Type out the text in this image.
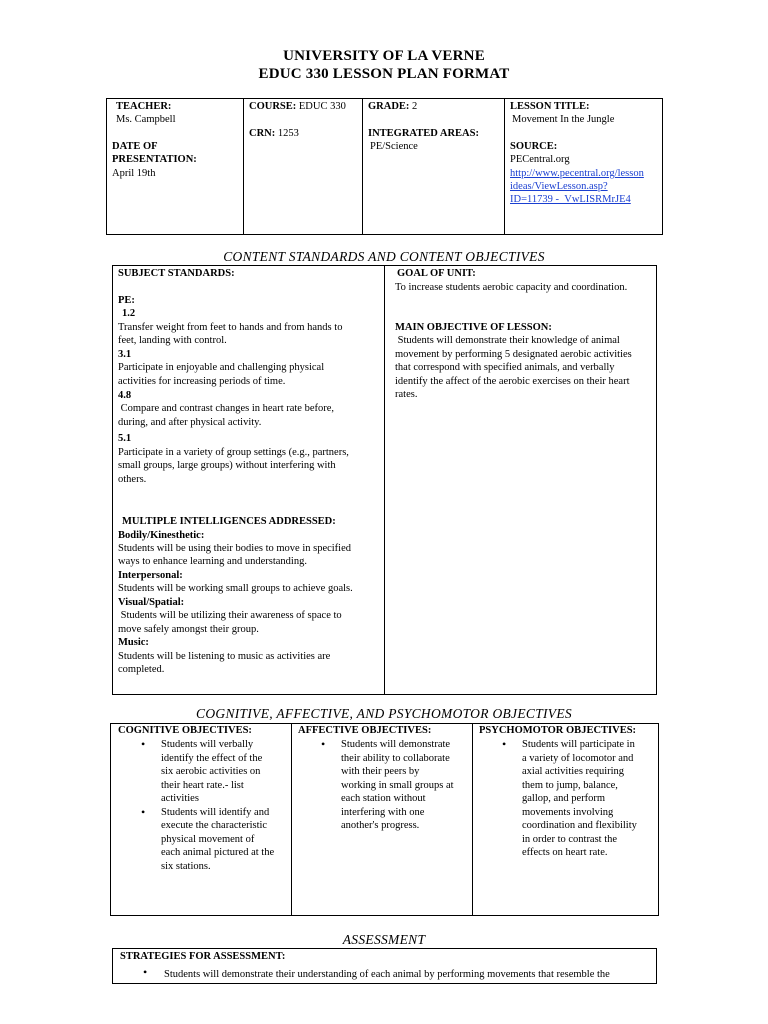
UNIVERSITY OF LA VERNE
EDUC 330 LESSON PLAN FORMAT
TEACHER:
Ms. Campbell
DATE OF
PRESENTATION:
April 19th
COURSE: EDUC 330
CRN: 1253
GRADE: 2
INTEGRATED AREAS:
PE/Science
LESSON TITLE:
Movement In the Jungle
SOURCE:
PECentral.org
http://www.pecentral.org/lesson
ideas/ViewLesson.asp?
ID=11739 -_VwLISRMrJE4
CONTENT STANDARDS AND CONTENT OBJECTIVES
SUBJECT STANDARDS:
PE:
1.2
Transfer weight from feet to hands and from hands to
feet, landing with control.
3.1
Participate in enjoyable and challenging physical
activities for increasing periods of time.
4.8
Compare and contrast changes in heart rate before,
during, and after physical activity.
5.1
Participate in a variety of group settings (e.g., partners,
small groups, large groups) without interfering with
others.
MULTIPLE INTELLIGENCES ADDRESSED:
Bodily/Kinesthetic:
Students will be using their bodies to move in specified
ways to enhance learning and understanding.
Interpersonal:
Students will be working small groups to achieve goals.
Visual/Spatial:
Students will be utilizing their awareness of space to
move safely amongst their group.
Music:
Students will be listening to music as activities are
completed.
GOAL OF UNIT:
To increase students aerobic capacity and coordination.
MAIN OBJECTIVE OF LESSON:
Students will demonstrate their knowledge of animal
movement by performing 5 designated aerobic activities
that correspond with specified animals, and verbally
identify the affect of the aerobic exercises on their heart
rates.
COGNITIVE, AFFECTIVE, AND PSYCHOMOTOR OBJECTIVES
COGNITIVE OBJECTIVES:
• Students will verbally
identify the effect of the
six aerobic activities on
their heart rate.- list
activities
• Students will identify and
execute the characteristic
physical movement of
each animal pictured at the
six stations.
AFFECTIVE OBJECTIVES:
• Students will demonstrate
their ability to collaborate
with their peers by
working in small groups at
each station without
interfering with one
another's progress.
PSYCHOMOTOR OBJECTIVES:
• Students will participate in
a variety of locomotor and
axial activities requiring
them to jump, balance,
gallop, and perform
movements involving
coordination and flexibility
in order to contrast the
effects on heart rate.
ASSESSMENT
STRATEGIES FOR ASSESSMENT:
• Students will demonstrate their understanding of each animal by performing movements that resemble the
